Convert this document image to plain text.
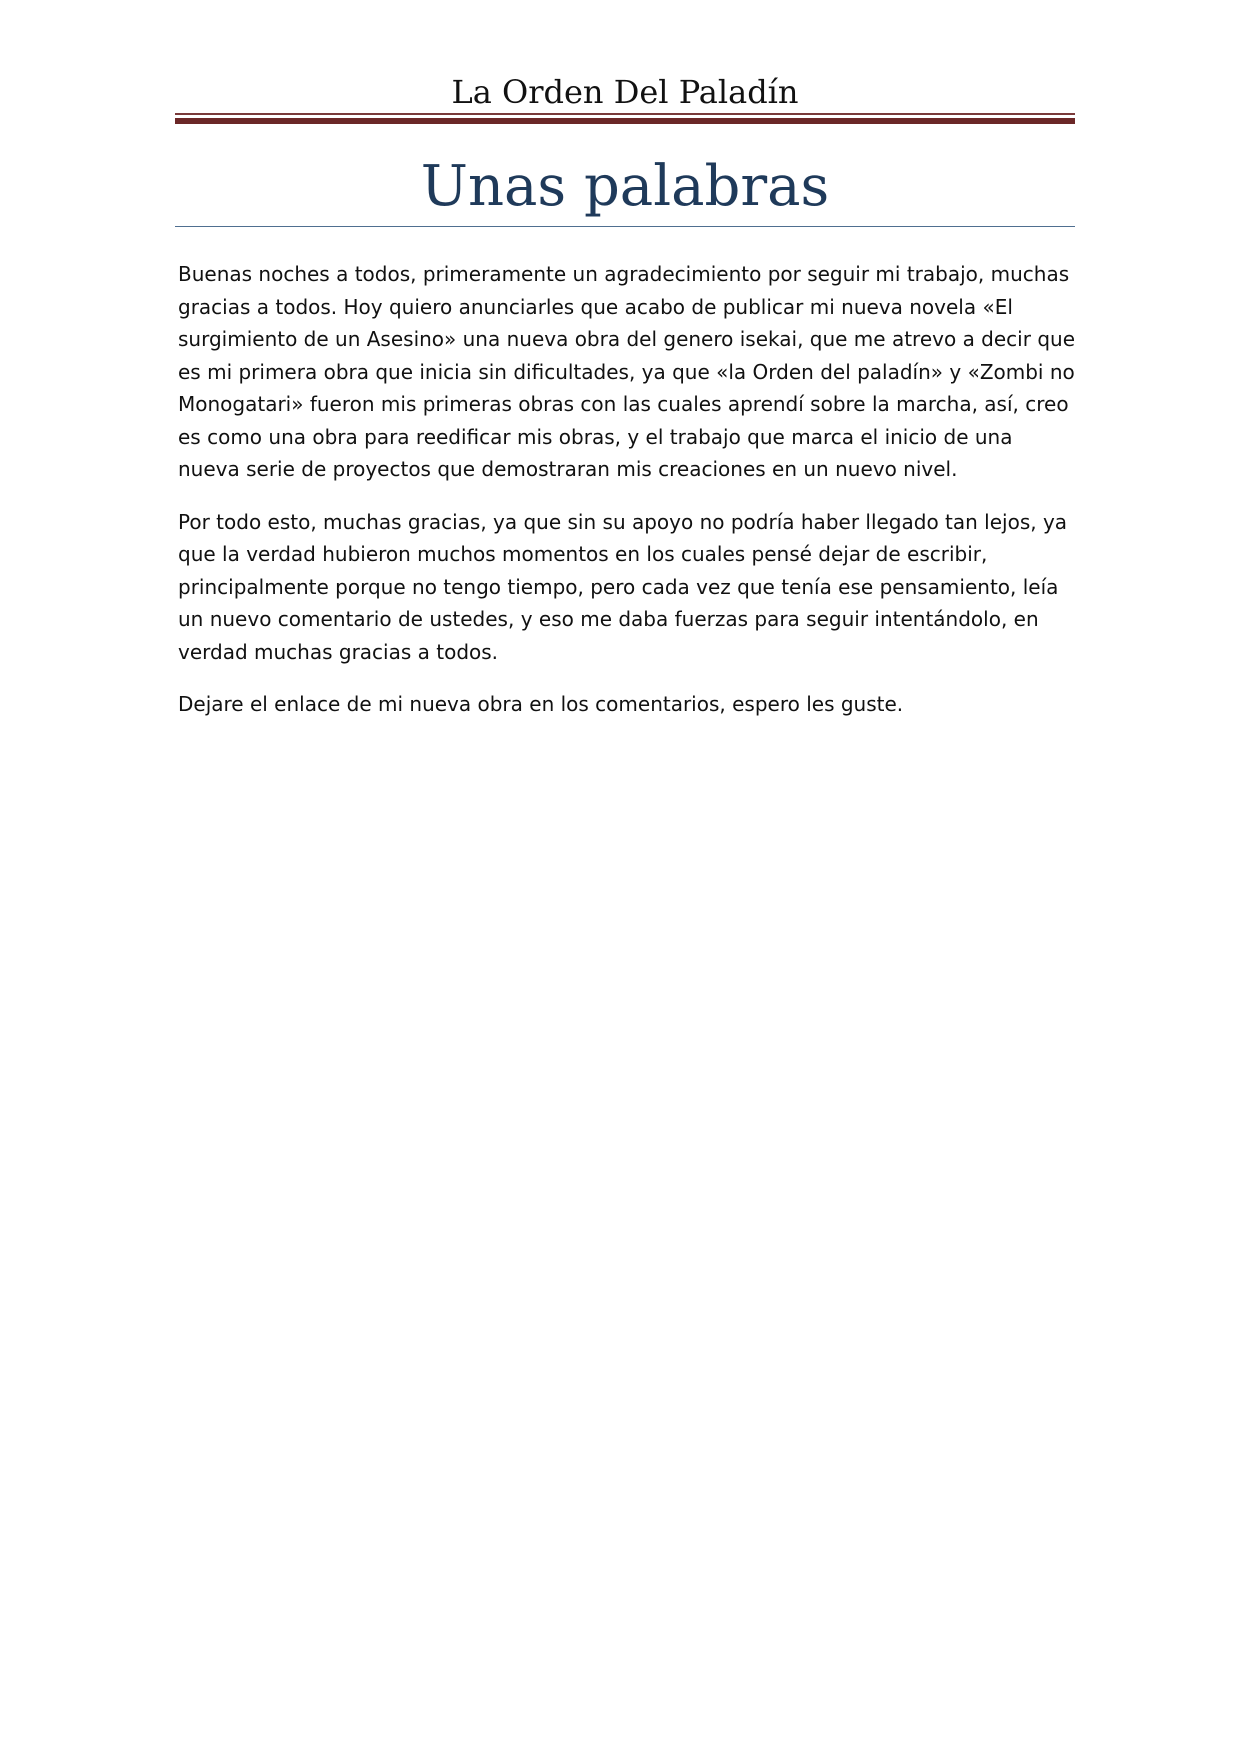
La Orden Del Paladín
Unas palabras

Buenas noches a todos, primeramente un agradecimiento por seguir mi trabajo, muchas gracias a todos. Hoy quiero anunciarles que acabo de publicar mi nueva novela «El surgimiento de un Asesino» una nueva obra del genero isekai, que me atrevo a decir que es mi primera obra que inicia sin dificultades, ya que «la Orden del paladín» y «Zombi no Monogatari» fueron mis primeras obras con las cuales aprendí sobre la marcha, así, creo es como una obra para reedificar mis obras, y el trabajo que marca el inicio de una nueva serie de proyectos que demostraran mis creaciones en un nuevo nivel.

Por todo esto, muchas gracias, ya que sin su apoyo no podría haber llegado tan lejos, ya que la verdad hubieron muchos momentos en los cuales pensé dejar de escribir, principalmente porque no tengo tiempo, pero cada vez que tenía ese pensamiento, leía un nuevo comentario de ustedes, y eso me daba fuerzas para seguir intentándolo, en verdad muchas gracias a todos.

Dejare el enlace de mi nueva obra en los comentarios, espero les guste.
